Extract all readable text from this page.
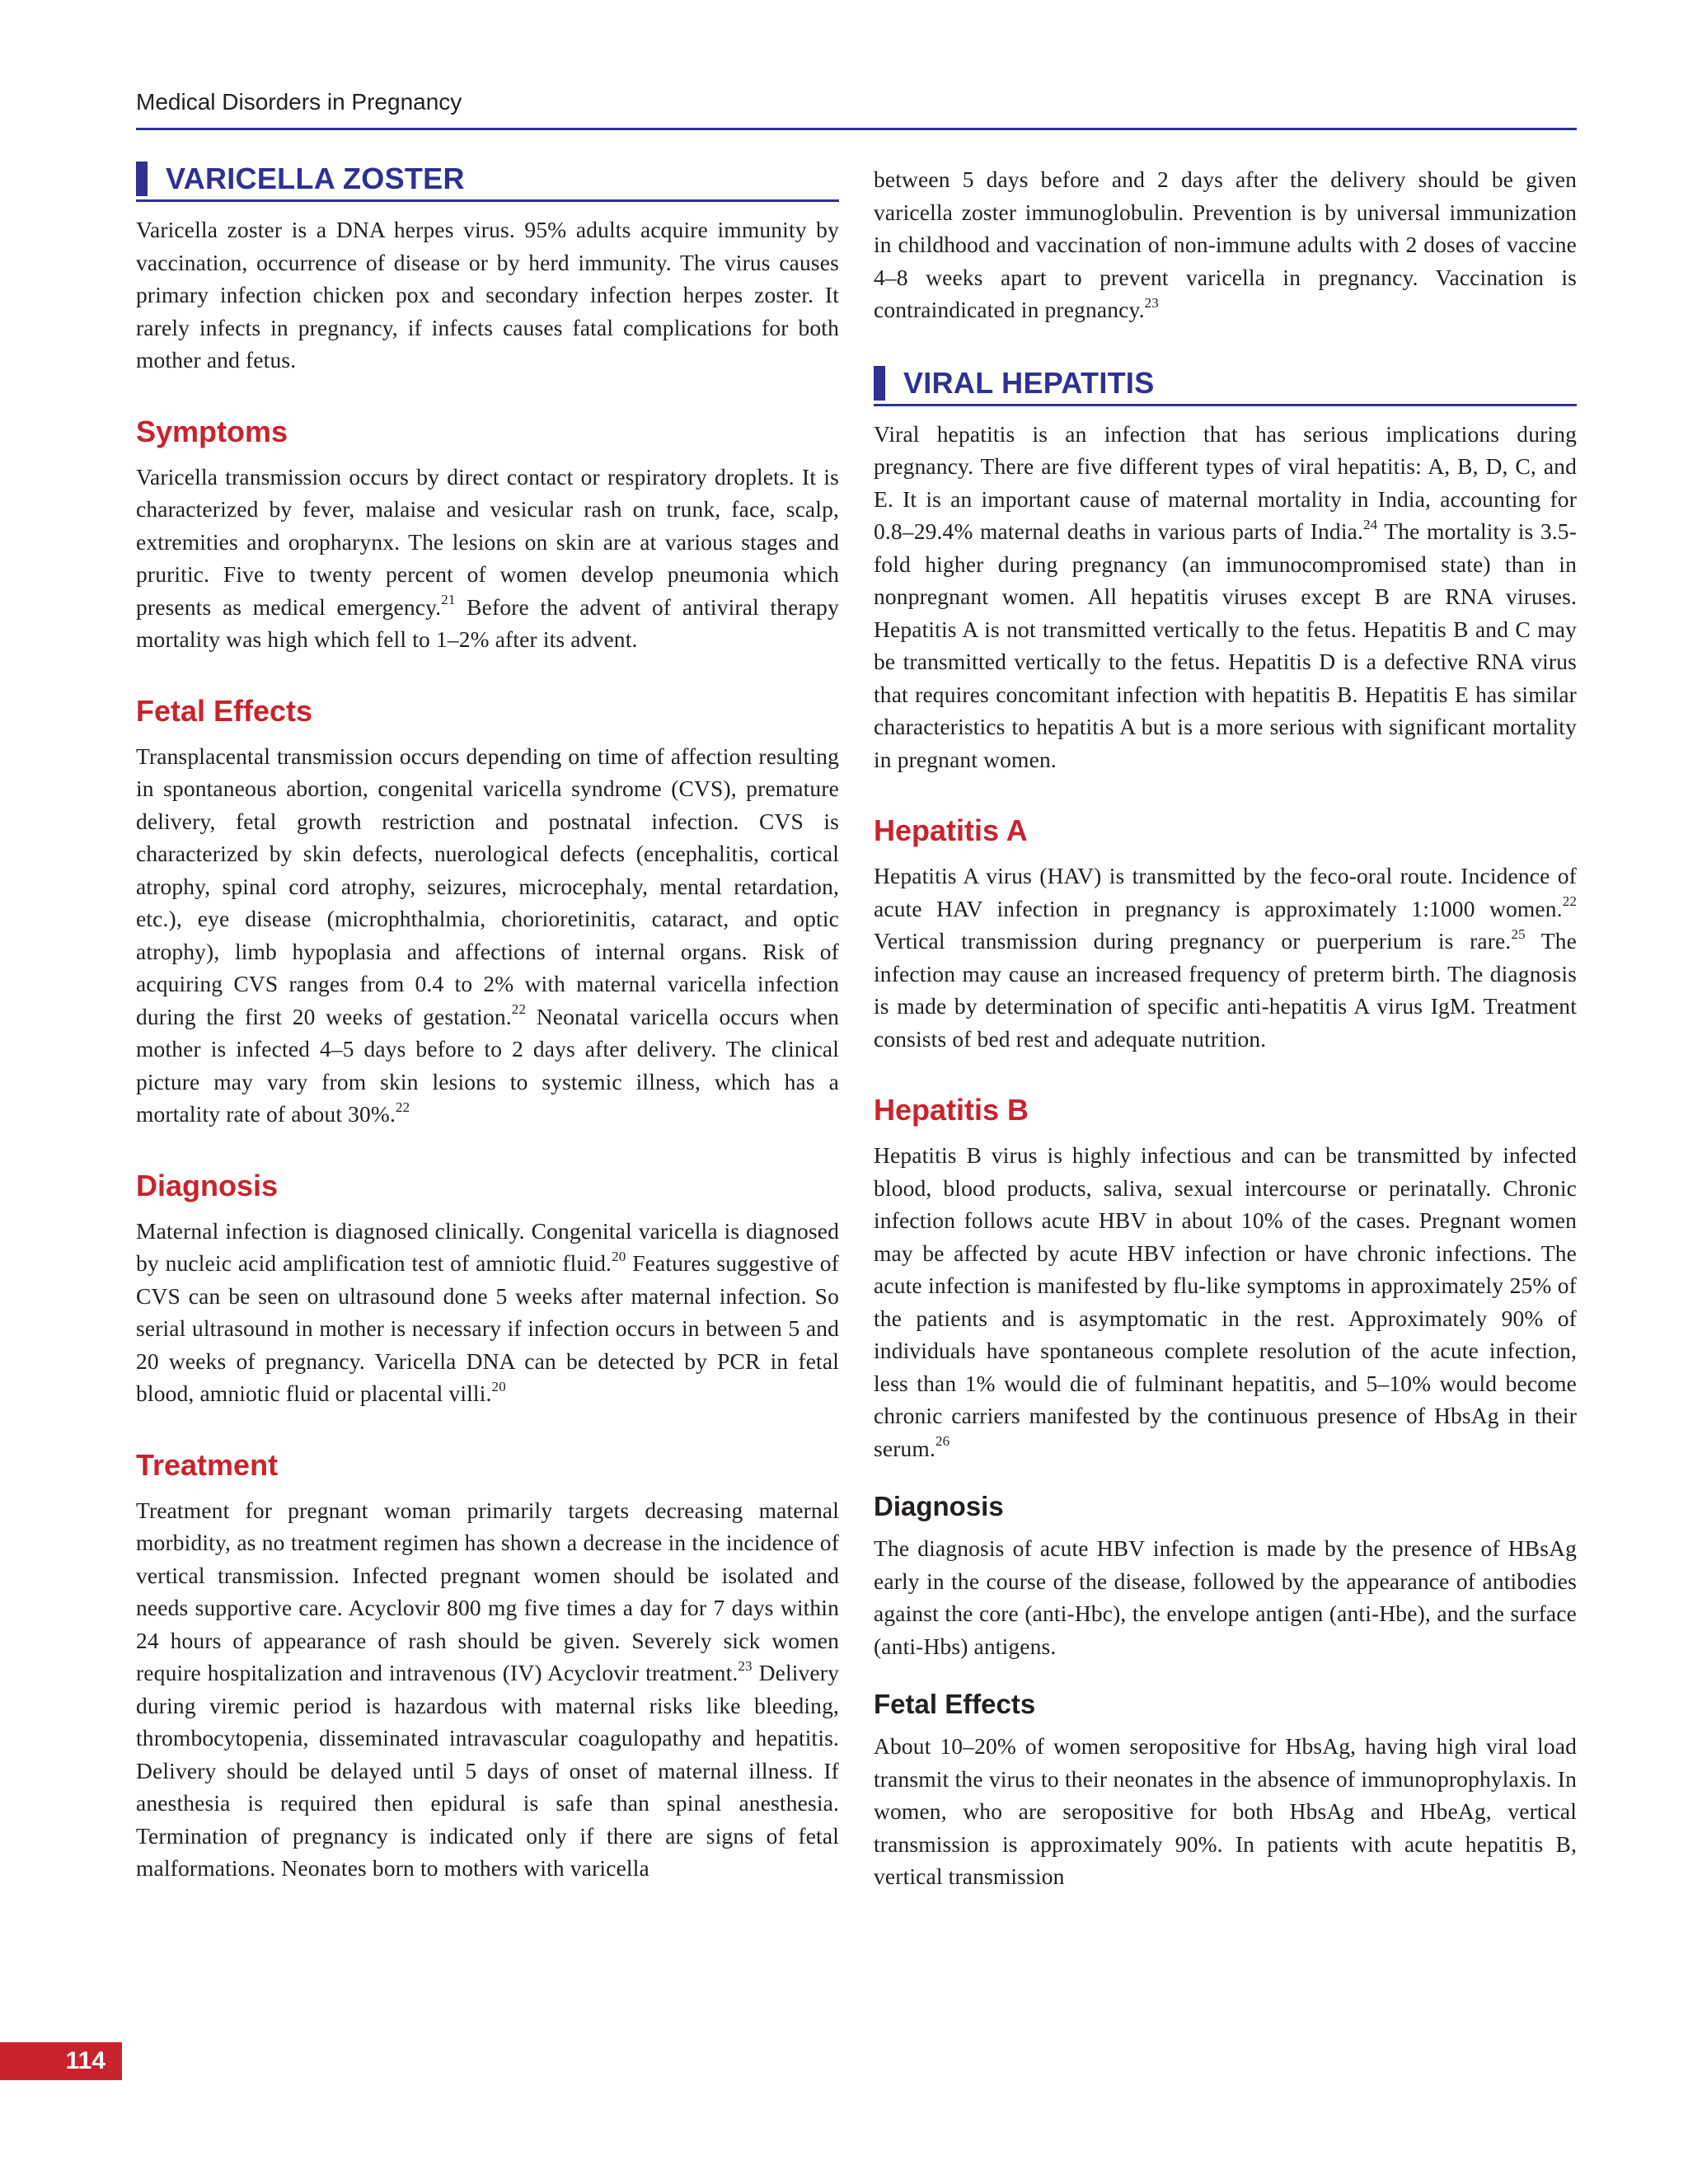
Medical Disorders in Pregnancy
VARICELLA ZOSTER

Varicella zoster is a DNA herpes virus. 95% adults acquire immunity by vaccination, occurrence of disease or by herd immunity. The virus causes primary infection chicken pox and secondary infection herpes zoster. It rarely infects in pregnancy, if infects causes fatal complications for both mother and fetus.

Symptoms

Varicella transmission occurs by direct contact or respiratory droplets. It is characterized by fever, malaise and vesicular rash on trunk, face, scalp, extremities and oropharynx. The lesions on skin are at various stages and pruritic. Five to twenty percent of women develop pneumonia which presents as medical emergency.$^{21}$ Before the advent of antiviral therapy mortality was high which fell to 1–2% after its advent.

Fetal Effects

Transplacental transmission occurs depending on time of affection resulting in spontaneous abortion, congenital varicella syndrome (CVS), premature delivery, fetal growth restriction and postnatal infection. CVS is characterized by skin defects, nuerological defects (encephalitis, cortical atrophy, spinal cord atrophy, seizures, microcephaly, mental retardation, etc.), eye disease (microphthalmia, chorioretinitis, cataract, and optic atrophy), limb hypoplasia and affections of internal organs. Risk of acquiring CVS ranges from 0.4 to 2% with maternal varicella infection during the first 20 weeks of gestation.$^{22}$ Neonatal varicella occurs when mother is infected 4–5 days before to 2 days after delivery. The clinical picture may vary from skin lesions to systemic illness, which has a mortality rate of about 30%.$^{22}$

Diagnosis

Maternal infection is diagnosed clinically. Congenital varicella is diagnosed by nucleic acid amplification test of amniotic fluid.$^{20}$ Features suggestive of CVS can be seen on ultrasound done 5 weeks after maternal infection. So serial ultrasound in mother is necessary if infection occurs in between 5 and 20 weeks of pregnancy. Varicella DNA can be detected by PCR in fetal blood, amniotic fluid or placental villi.$^{20}$

Treatment

Treatment for pregnant woman primarily targets decreasing maternal morbidity, as no treatment regimen has shown a decrease in the incidence of vertical transmission. Infected pregnant women should be isolated and needs supportive care. Acyclovir 800 mg five times a day for 7 days within 24 hours of appearance of rash should be given. Severely sick women require hospitalization and intravenous (IV) Acyclovir treatment.$^{23}$ Delivery during viremic period is hazardous with maternal risks like bleeding, thrombocytopenia, disseminated intravascular coagulopathy and hepatitis. Delivery should be delayed until 5 days of onset of maternal illness. If anesthesia is required then epidural is safe than spinal anesthesia. Termination of pregnancy is indicated only if there are signs of fetal malformations. Neonates born to mothers with varicella

between 5 days before and 2 days after the delivery should be given varicella zoster immunoglobulin. Prevention is by universal immunization in childhood and vaccination of non-immune adults with 2 doses of vaccine 4–8 weeks apart to prevent varicella in pregnancy. Vaccination is contraindicated in pregnancy.$^{23}$

VIRAL HEPATITIS

Viral hepatitis is an infection that has serious implications during pregnancy. There are five different types of viral hepatitis: A, B, D, C, and E. It is an important cause of maternal mortality in India, accounting for 0.8–29.4% maternal deaths in various parts of India.$^{24}$ The mortality is 3.5-fold higher during pregnancy (an immunocompromised state) than in nonpregnant women. All hepatitis viruses except B are RNA viruses. Hepatitis A is not transmitted vertically to the fetus. Hepatitis B and C may be transmitted vertically to the fetus. Hepatitis D is a defective RNA virus that requires concomitant infection with hepatitis B. Hepatitis E has similar characteristics to hepatitis A but is a more serious with significant mortality in pregnant women.

Hepatitis A

Hepatitis A virus (HAV) is transmitted by the feco-oral route. Incidence of acute HAV infection in pregnancy is approximately 1:1000 women.$^{22}$ Vertical transmission during pregnancy or puerperium is rare.$^{25}$ The infection may cause an increased frequency of preterm birth. The diagnosis is made by determination of specific anti-hepatitis A virus IgM. Treatment consists of bed rest and adequate nutrition.

Hepatitis B

Hepatitis B virus is highly infectious and can be transmitted by infected blood, blood products, saliva, sexual intercourse or perinatally. Chronic infection follows acute HBV in about 10% of the cases. Pregnant women may be affected by acute HBV infection or have chronic infections. The acute infection is manifested by flu-like symptoms in approximately 25% of the patients and is asymptomatic in the rest. Approximately 90% of individuals have spontaneous complete resolution of the acute infection, less than 1% would die of fulminant hepatitis, and 5–10% would become chronic carriers manifested by the continuous presence of HbsAg in their serum.$^{26}$

Diagnosis

The diagnosis of acute HBV infection is made by the presence of HBsAg early in the course of the disease, followed by the appearance of antibodies against the core (anti-Hbc), the envelope antigen (anti-Hbe), and the surface (anti-Hbs) antigens.

Fetal Effects

About 10–20% of women seropositive for HbsAg, having high viral load transmit the virus to their neonates in the absence of immunoprophylaxis. In women, who are seropositive for both HbsAg and HbeAg, vertical transmission is approximately 90%. In patients with acute hepatitis B, vertical transmission

114
